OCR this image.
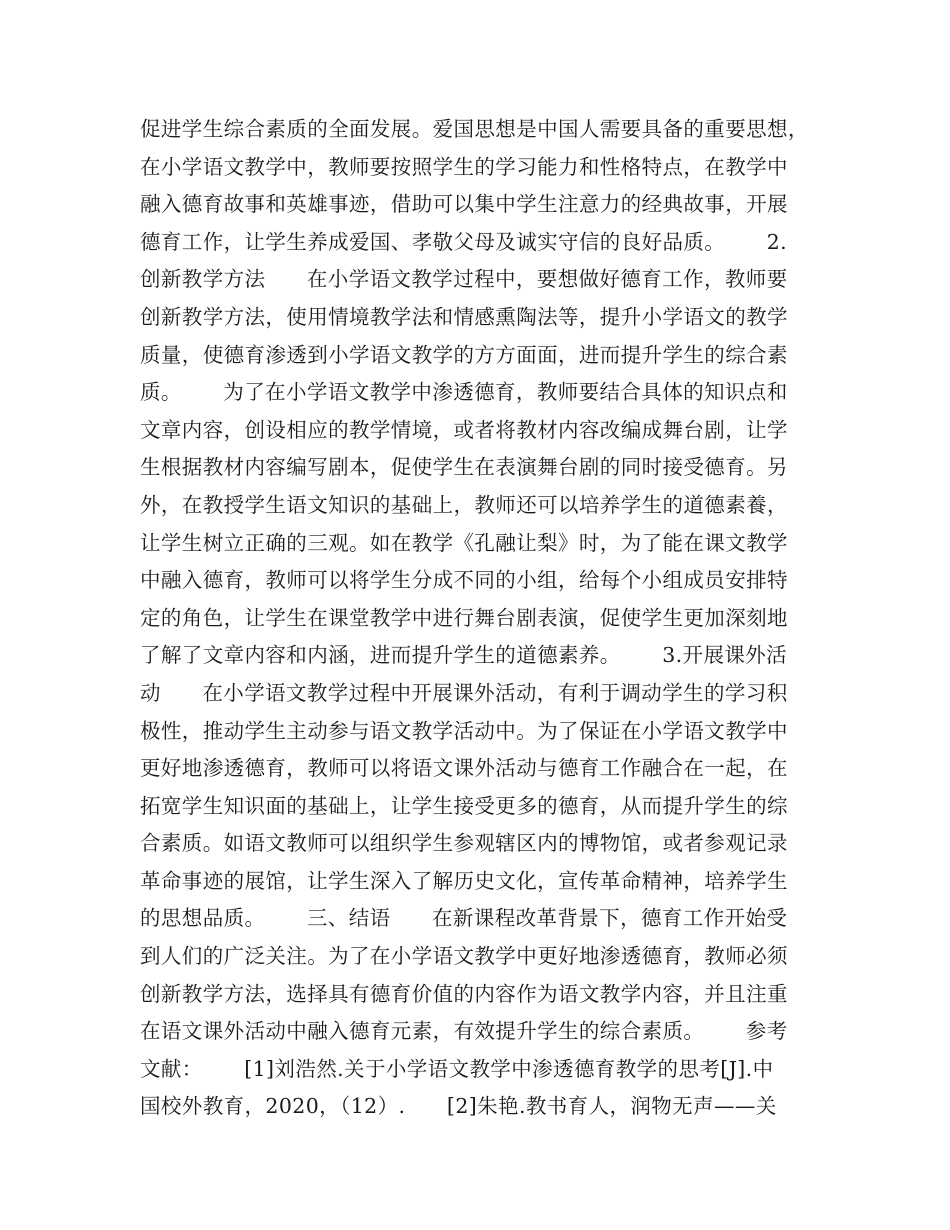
促进学生综合素质的全面发展。爱国思想是中国人需要具备的重要思想，
在小学语文教学中，教师要按照学生的学习能力和性格特点，在教学中
融入德育故事和英雄事迹，借助可以集中学生注意力的经典故事，开展
德育工作，让学生养成爱国、孝敬父母及诚实守信的良好品质。      2.
创新教学方法      在小学语文教学过程中，要想做好德育工作，教师要
创新教学方法，使用情境教学法和情感熏陶法等，提升小学语文的教学
质量，使德育渗透到小学语文教学的方方面面，进而提升学生的综合素
质。      为了在小学语文教学中渗透德育，教师要结合具体的知识点和
文章内容，创设相应的教学情境，或者将教材内容改编成舞台剧，让学
生根据教材内容编写剧本，促使学生在表演舞台剧的同时接受德育。另
外，在教授学生语文知识的基础上，教师还可以培养学生的道德素養，
让学生树立正确的三观。如在教学《孔融让梨》时，为了能在课文教学
中融入德育，教师可以将学生分成不同的小组，给每个小组成员安排特
定的角色，让学生在课堂教学中进行舞台剧表演，促使学生更加深刻地
了解了文章内容和内涵，进而提升学生的道德素养。      3.开展课外活
动      在小学语文教学过程中开展课外活动，有利于调动学生的学习积
极性，推动学生主动参与语文教学活动中。为了保证在小学语文教学中
更好地渗透德育，教师可以将语文课外活动与德育工作融合在一起，在
拓宽学生知识面的基础上，让学生接受更多的德育，从而提升学生的综
合素质。如语文教师可以组织学生参观辖区内的博物馆，或者参观记录
革命事迹的展馆，让学生深入了解历史文化，宣传革命精神，培养学生
的思想品质。      三、结语      在新课程改革背景下，德育工作开始受
到人们的广泛关注。为了在小学语文教学中更好地渗透德育，教师必须
创新教学方法，选择具有德育价值的内容作为语文教学内容，并且注重
在语文课外活动中融入德育元素，有效提升学生的综合素质。      参考
文献：      [1]刘浩然.关于小学语文教学中渗透德育教学的思考[J].中
国校外教育，2020，（12）.      [2]朱艳.教书育人，润物无声——关
